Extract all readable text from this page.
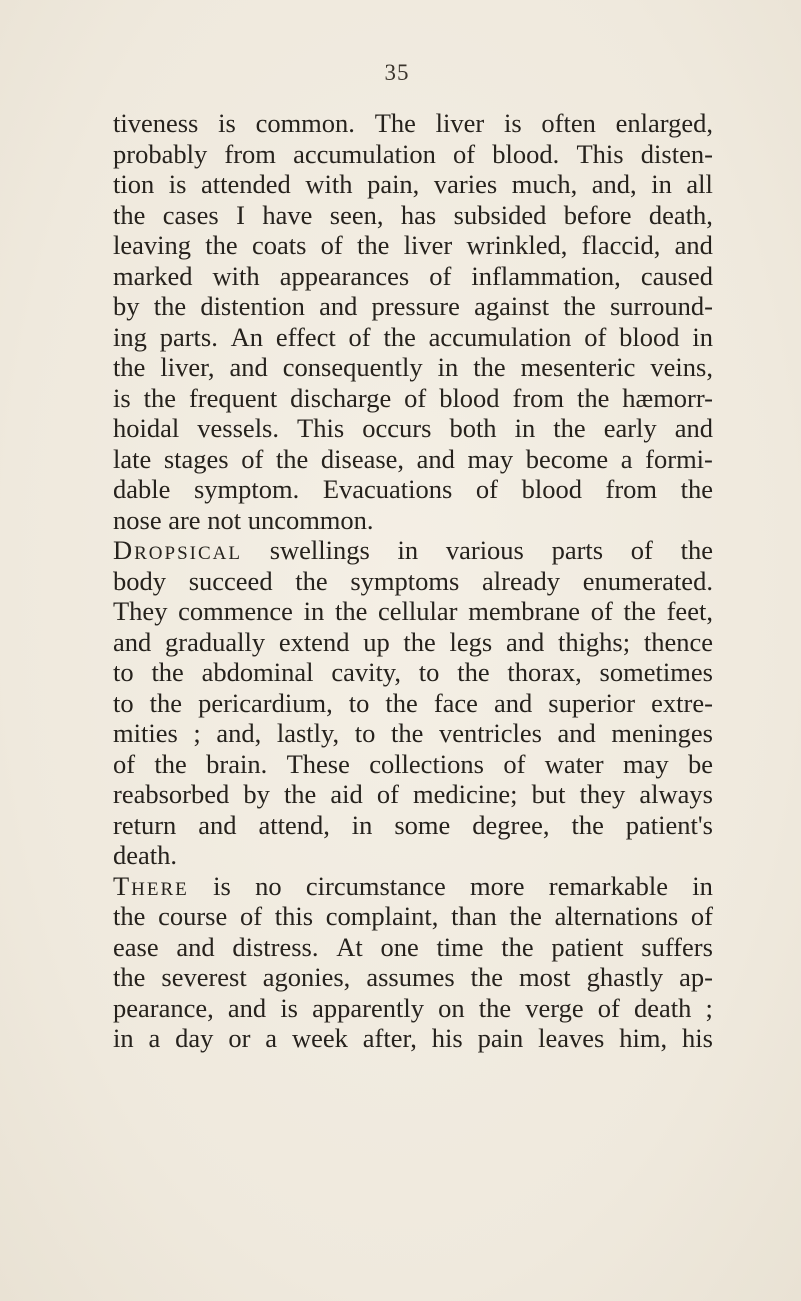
35
tiveness is common. The liver is often enlarged,
probably from accumulation of blood. This disten-
tion is attended with pain, varies much, and, in all
the cases I have seen, has subsided before death,
leaving the coats of the liver wrinkled, flaccid, and
marked with appearances of inflammation, caused
by the distention and pressure against the surround-
ing parts. An effect of the accumulation of blood in
the liver, and consequently in the mesenteric veins,
is the frequent discharge of blood from the hæmorr-
hoidal vessels. This occurs both in the early and
late stages of the disease, and may become a formi-
dable symptom. Evacuations of blood from the
nose are not uncommon.
Dropsical swellings in various parts of the
body succeed the symptoms already enumerated.
They commence in the cellular membrane of the feet,
and gradually extend up the legs and thighs; thence
to the abdominal cavity, to the thorax, sometimes
to the pericardium, to the face and superior extre-
mities ; and, lastly, to the ventricles and meninges
of the brain. These collections of water may be
reabsorbed by the aid of medicine; but they always
return and attend, in some degree, the patient's
death.
There is no circumstance more remarkable in
the course of this complaint, than the alternations of
ease and distress. At one time the patient suffers
the severest agonies, assumes the most ghastly ap-
pearance, and is apparently on the verge of death ;
in a day or a week after, his pain leaves him, his
